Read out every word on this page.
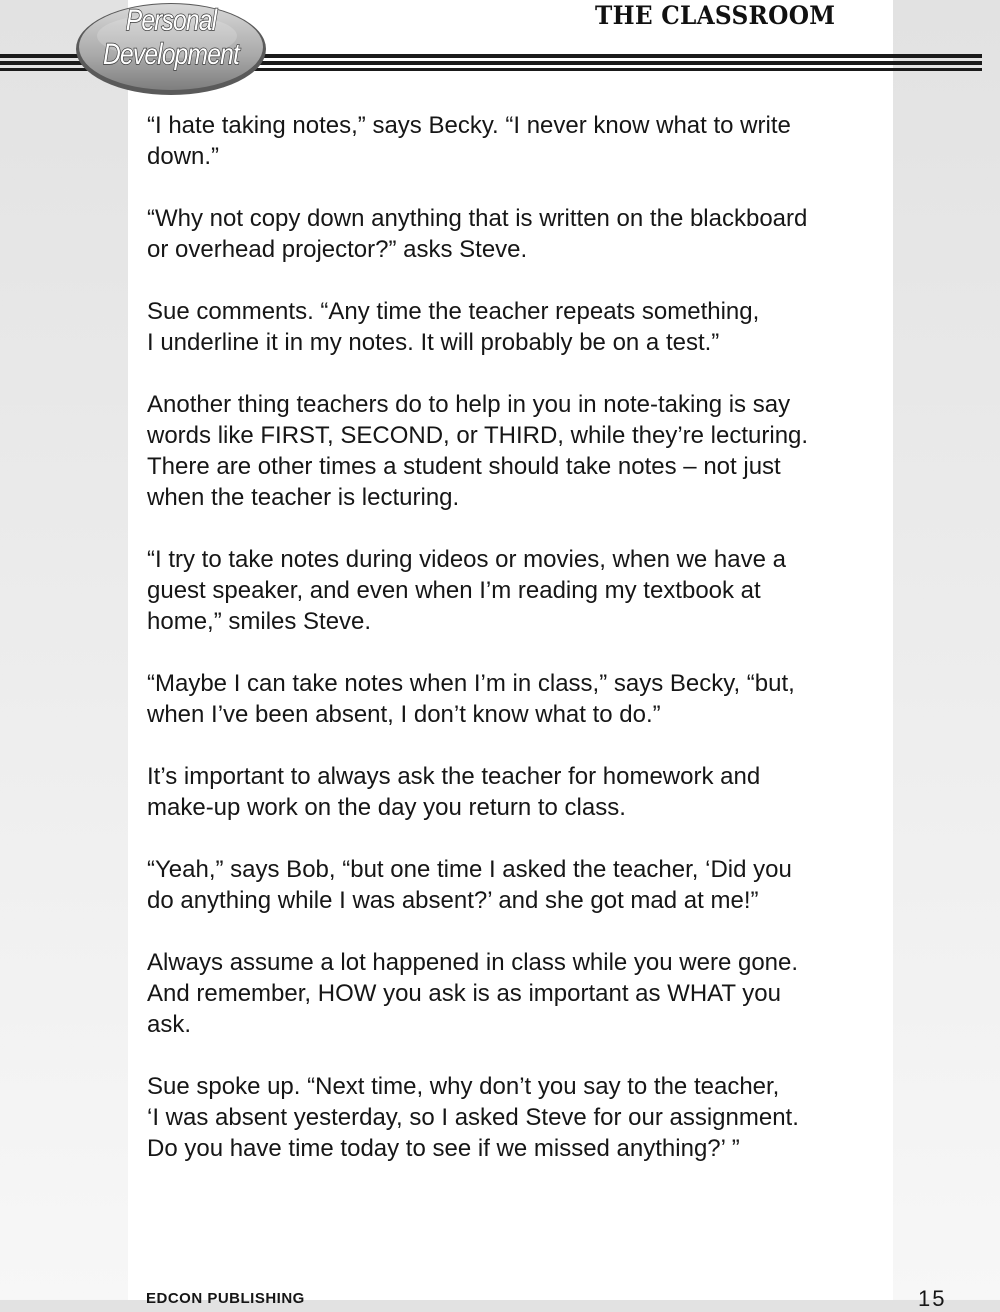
Personal
Development
THE CLASSROOM

“I hate taking notes,” says Becky. “I never know what to write
down.”

“Why not copy down anything that is written on the blackboard
or overhead projector?” asks Steve.

Sue comments. “Any time the teacher repeats something,
I underline it in my notes. It will probably be on a test.”

Another thing teachers do to help in you in note-taking is say
words like FIRST, SECOND, or THIRD, while they’re lecturing.
There are other times a student should take notes – not just
when the teacher is lecturing.

“I try to take notes during videos or movies, when we have a
guest speaker, and even when I’m reading my textbook at
home,” smiles Steve.

“Maybe I can take notes when I’m in class,” says Becky, “but,
when I’ve been absent, I don’t know what to do.”

It’s important to always ask the teacher for homework and
make-up work on the day you return to class.

“Yeah,” says Bob, “but one time I asked the teacher, ‘Did you
do anything while I was absent?’ and she got mad at me!”

Always assume a lot happened in class while you were gone.
And remember, HOW you ask is as important as WHAT you
ask.

Sue spoke up. “Next time, why don’t you say to the teacher,
‘I was absent yesterday, so I asked Steve for our assignment.
Do you have time today to see if we missed anything?’ ”

EDCON PUBLISHING	15
